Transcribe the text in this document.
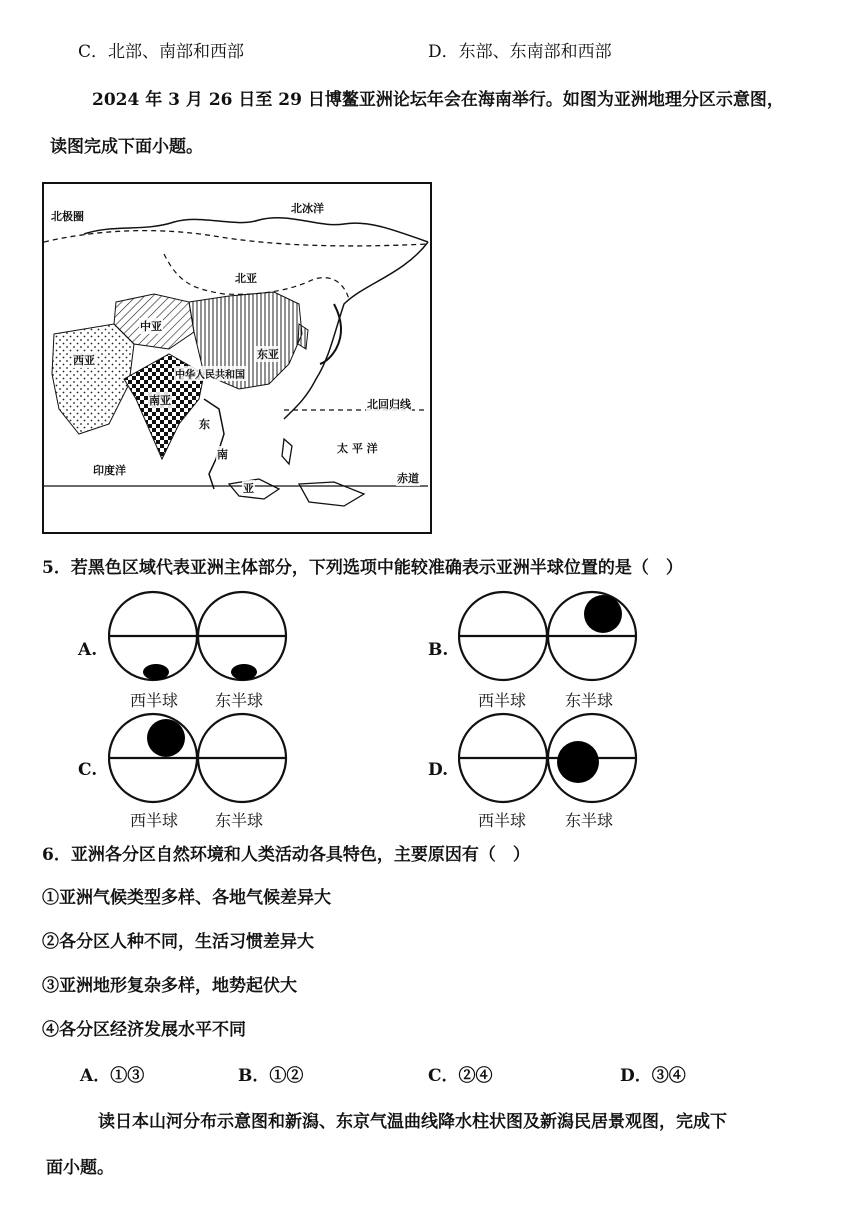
C．北部、南部和西部	D．东部、东南部和西部
2024 年 3 月 26 日至 29 日博鳌亚洲论坛年会在海南举行。如图为亚洲地理分区示意图，
读图完成下面小题。
北极圈
北冰洋
北亚
中亚
西亚	东亚
中华人民共和国
南亚
东
南
亚
北回归线
太 平 洋
印度洋
赤道
5．若黑色区域代表亚洲主体部分，下列选项中能较准确表示亚洲半球位置的是（　）
A.
西半球 东半球
B.
西半球 东半球
C.
西半球 东半球
D.
西半球 东半球
6．亚洲各分区自然环境和人类活动各具特色，主要原因有（　）
①亚洲气候类型多样、各地气候差异大
②各分区人种不同，生活习惯差异大
③亚洲地形复杂多样，地势起伏大
④各分区经济发展水平不同
A．①③	B．①②	C．②④	D．③④
读日本山河分布示意图和新潟、东京气温曲线降水柱状图及新潟民居景观图，完成下
面小题。
